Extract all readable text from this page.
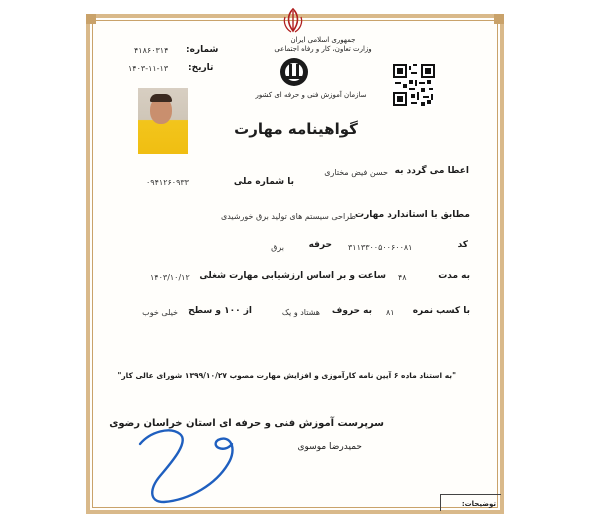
جمهوری اسلامی ایران
وزارت تعاون، کار و رفاه اجتماعی
سازمان آموزش فنی و حرفه ای کشور
شماره:
۴۱۸۶۰۳۱۴
تاریخ:
۱۴۰۳-۱۱-۱۳
گواهینامه مهارت
اعطا می گردد به
حسن فیض مختاری
با شماره ملی
۰۹۴۱۲۶۰۹۳۳
مطابق با استاندارد مهارت
طراحی سیستم های تولید برق خورشیدی
کد
۳۱۱۳۳۰۰۵۰۰۶۰۰۸۱
حرفه
برق
به مدت
۴۸
ساعت و بر اساس ارزشیابی مهارت شغلی
۱۴۰۳/۱۰/۱۲
با کسب نمره
۸۱
به حروف
هشتاد و یک
از ۱۰۰ و سطح
خیلی خوب
"به استناد ماده ۶ آیین نامه کارآموزی و افزایش مهارت مصوب ۱۳۹۹/۱۰/۲۷ شورای عالی کار"
سرپرست آموزش فنی و حرفه ای استان خراسان رضوی
حمیدرضا موسوی
توضیحات:
